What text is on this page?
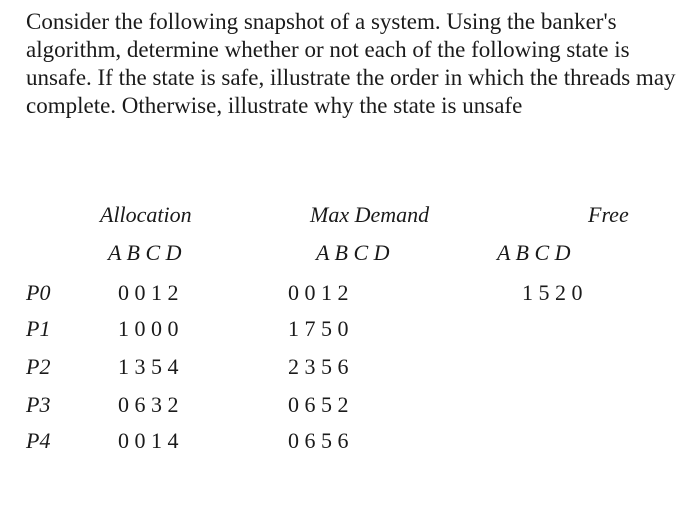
Consider the following snapshot of a system. Using the banker's algorithm, determine whether or not each of the following state is unsafe. If the state is safe, illustrate the order in which the threads may complete. Otherwise, illustrate why the state is unsafe

Allocation	Max Demand	Free
A B C D	A B C D	A B C D
P0	0 0 1 2	0 0 1 2	1 5 2 0
P1	1 0 0 0	1 7 5 0
P2	1 3 5 4	2 3 5 6
P3	0 6 3 2	0 6 5 2
P4	0 0 1 4	0 6 5 6
